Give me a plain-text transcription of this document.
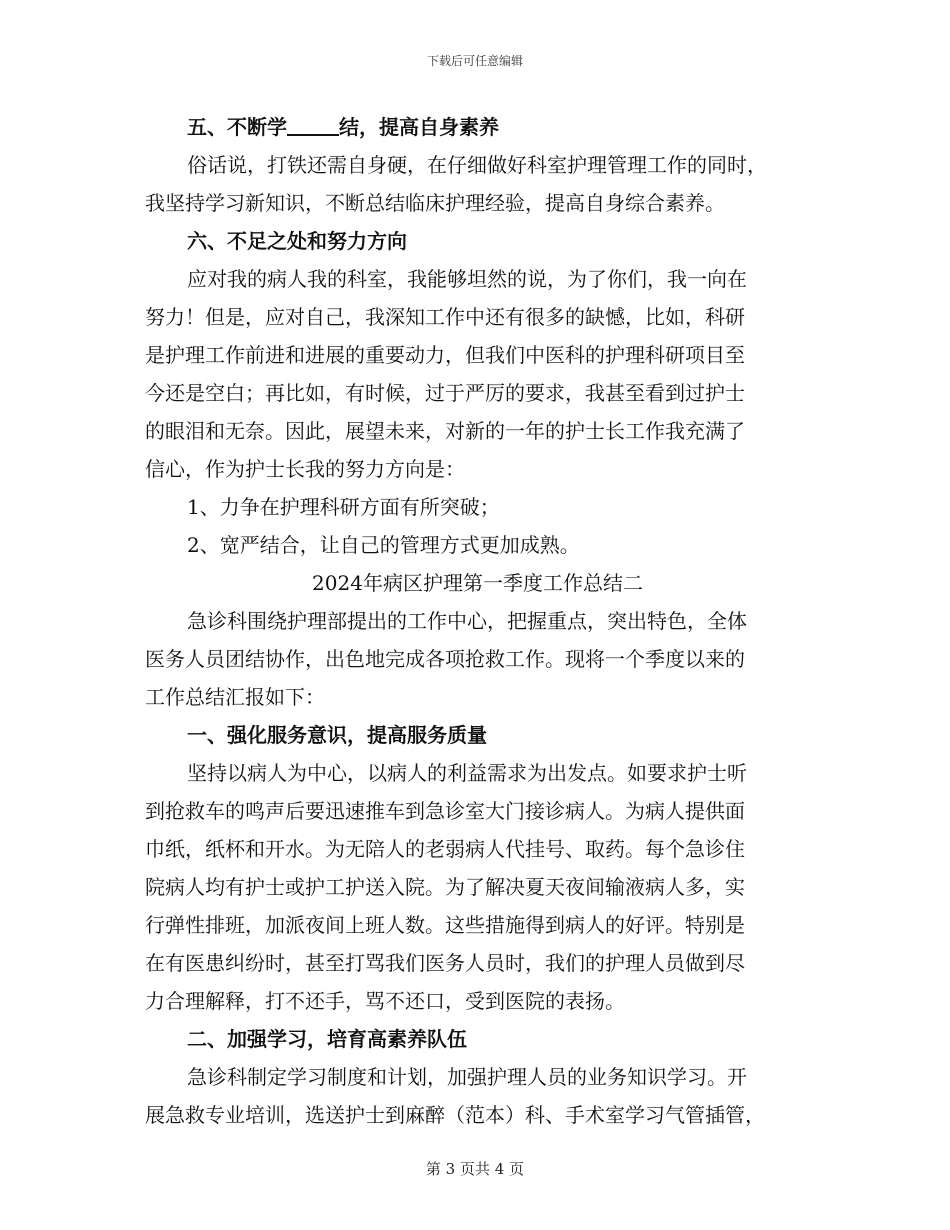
下载后可任意编辑
五、不断学	结，提高自身素养
俗话说，打铁还需自身硬，在仔细做好科室护理管理工作的同时，
我坚持学习新知识，不断总结临床护理经验，提高自身综合素养。
六、不足之处和努力方向
应对我的病人我的科室，我能够坦然的说，为了你们，我一向在
努力！但是，应对自己，我深知工作中还有很多的缺憾，比如，科研
是护理工作前进和进展的重要动力，但我们中医科的护理科研项目至
今还是空白；再比如，有时候，过于严厉的要求，我甚至看到过护士
的眼泪和无奈。因此，展望未来，对新的一年的护士长工作我充满了
信心，作为护士长我的努力方向是：
1、力争在护理科研方面有所突破；
2、宽严结合，让自己的管理方式更加成熟。
2024年病区护理第一季度工作总结二
急诊科围绕护理部提出的工作中心，把握重点，突出特色，全体
医务人员团结协作，出色地完成各项抢救工作。现将一个季度以来的
工作总结汇报如下：
一、强化服务意识，提高服务质量
坚持以病人为中心，以病人的利益需求为出发点。如要求护士听
到抢救车的鸣声后要迅速推车到急诊室大门接诊病人。为病人提供面
巾纸，纸杯和开水。为无陪人的老弱病人代挂号、取药。每个急诊住
院病人均有护士或护工护送入院。为了解决夏天夜间输液病人多，实
行弹性排班，加派夜间上班人数。这些措施得到病人的好评。特别是
在有医患纠纷时，甚至打骂我们医务人员时，我们的护理人员做到尽
力合理解释，打不还手，骂不还口，受到医院的表扬。
二、加强学习，培育高素养队伍
急诊科制定学习制度和计划，加强护理人员的业务知识学习。开
展急救专业培训，选送护士到麻醉（范本）科、手术室学习气管插管，
第 3 页共 4 页
